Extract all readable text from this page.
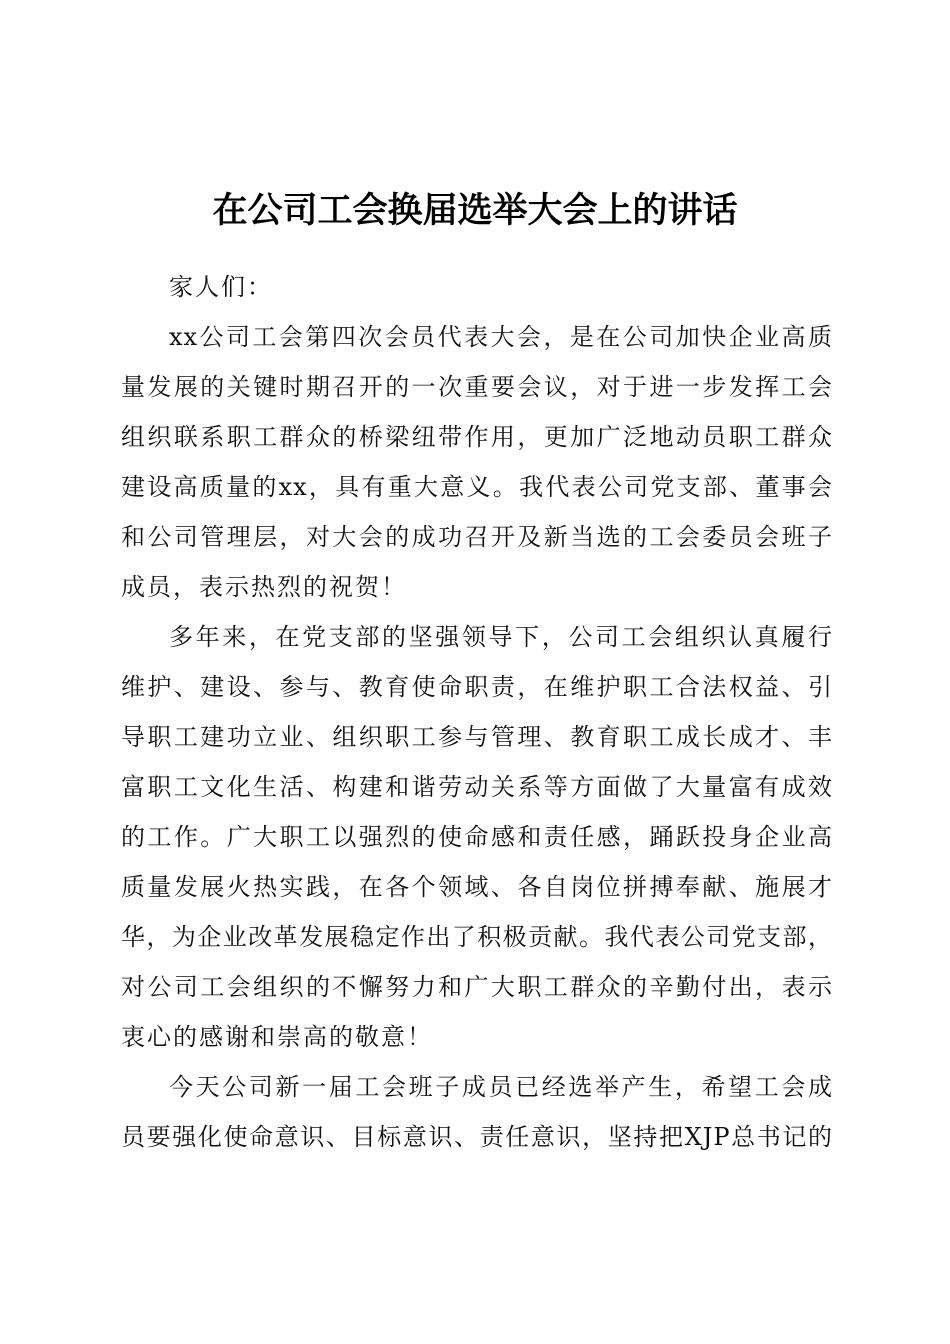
在公司工会换届选举大会上的讲话
家人们：
xx公司工会第四次会员代表大会，是在公司加快企业高质
量发展的关键时期召开的一次重要会议，对于进一步发挥工会
组织联系职工群众的桥梁纽带作用，更加广泛地动员职工群众
建设高质量的xx，具有重大意义。我代表公司党支部、董事会
和公司管理层，对大会的成功召开及新当选的工会委员会班子
成员，表示热烈的祝贺！
多年来，在党支部的坚强领导下，公司工会组织认真履行
维护、建设、参与、教育使命职责，在维护职工合法权益、引
导职工建功立业、组织职工参与管理、教育职工成长成才、丰
富职工文化生活、构建和谐劳动关系等方面做了大量富有成效
的工作。广大职工以强烈的使命感和责任感，踊跃投身企业高
质量发展火热实践，在各个领域、各自岗位拼搏奉献、施展才
华，为企业改革发展稳定作出了积极贡献。我代表公司党支部，
对公司工会组织的不懈努力和广大职工群众的辛勤付出，表示
衷心的感谢和崇高的敬意！
今天公司新一届工会班子成员已经选举产生，希望工会成
员要强化使命意识、目标意识、责任意识，坚持把XJP总书记的
